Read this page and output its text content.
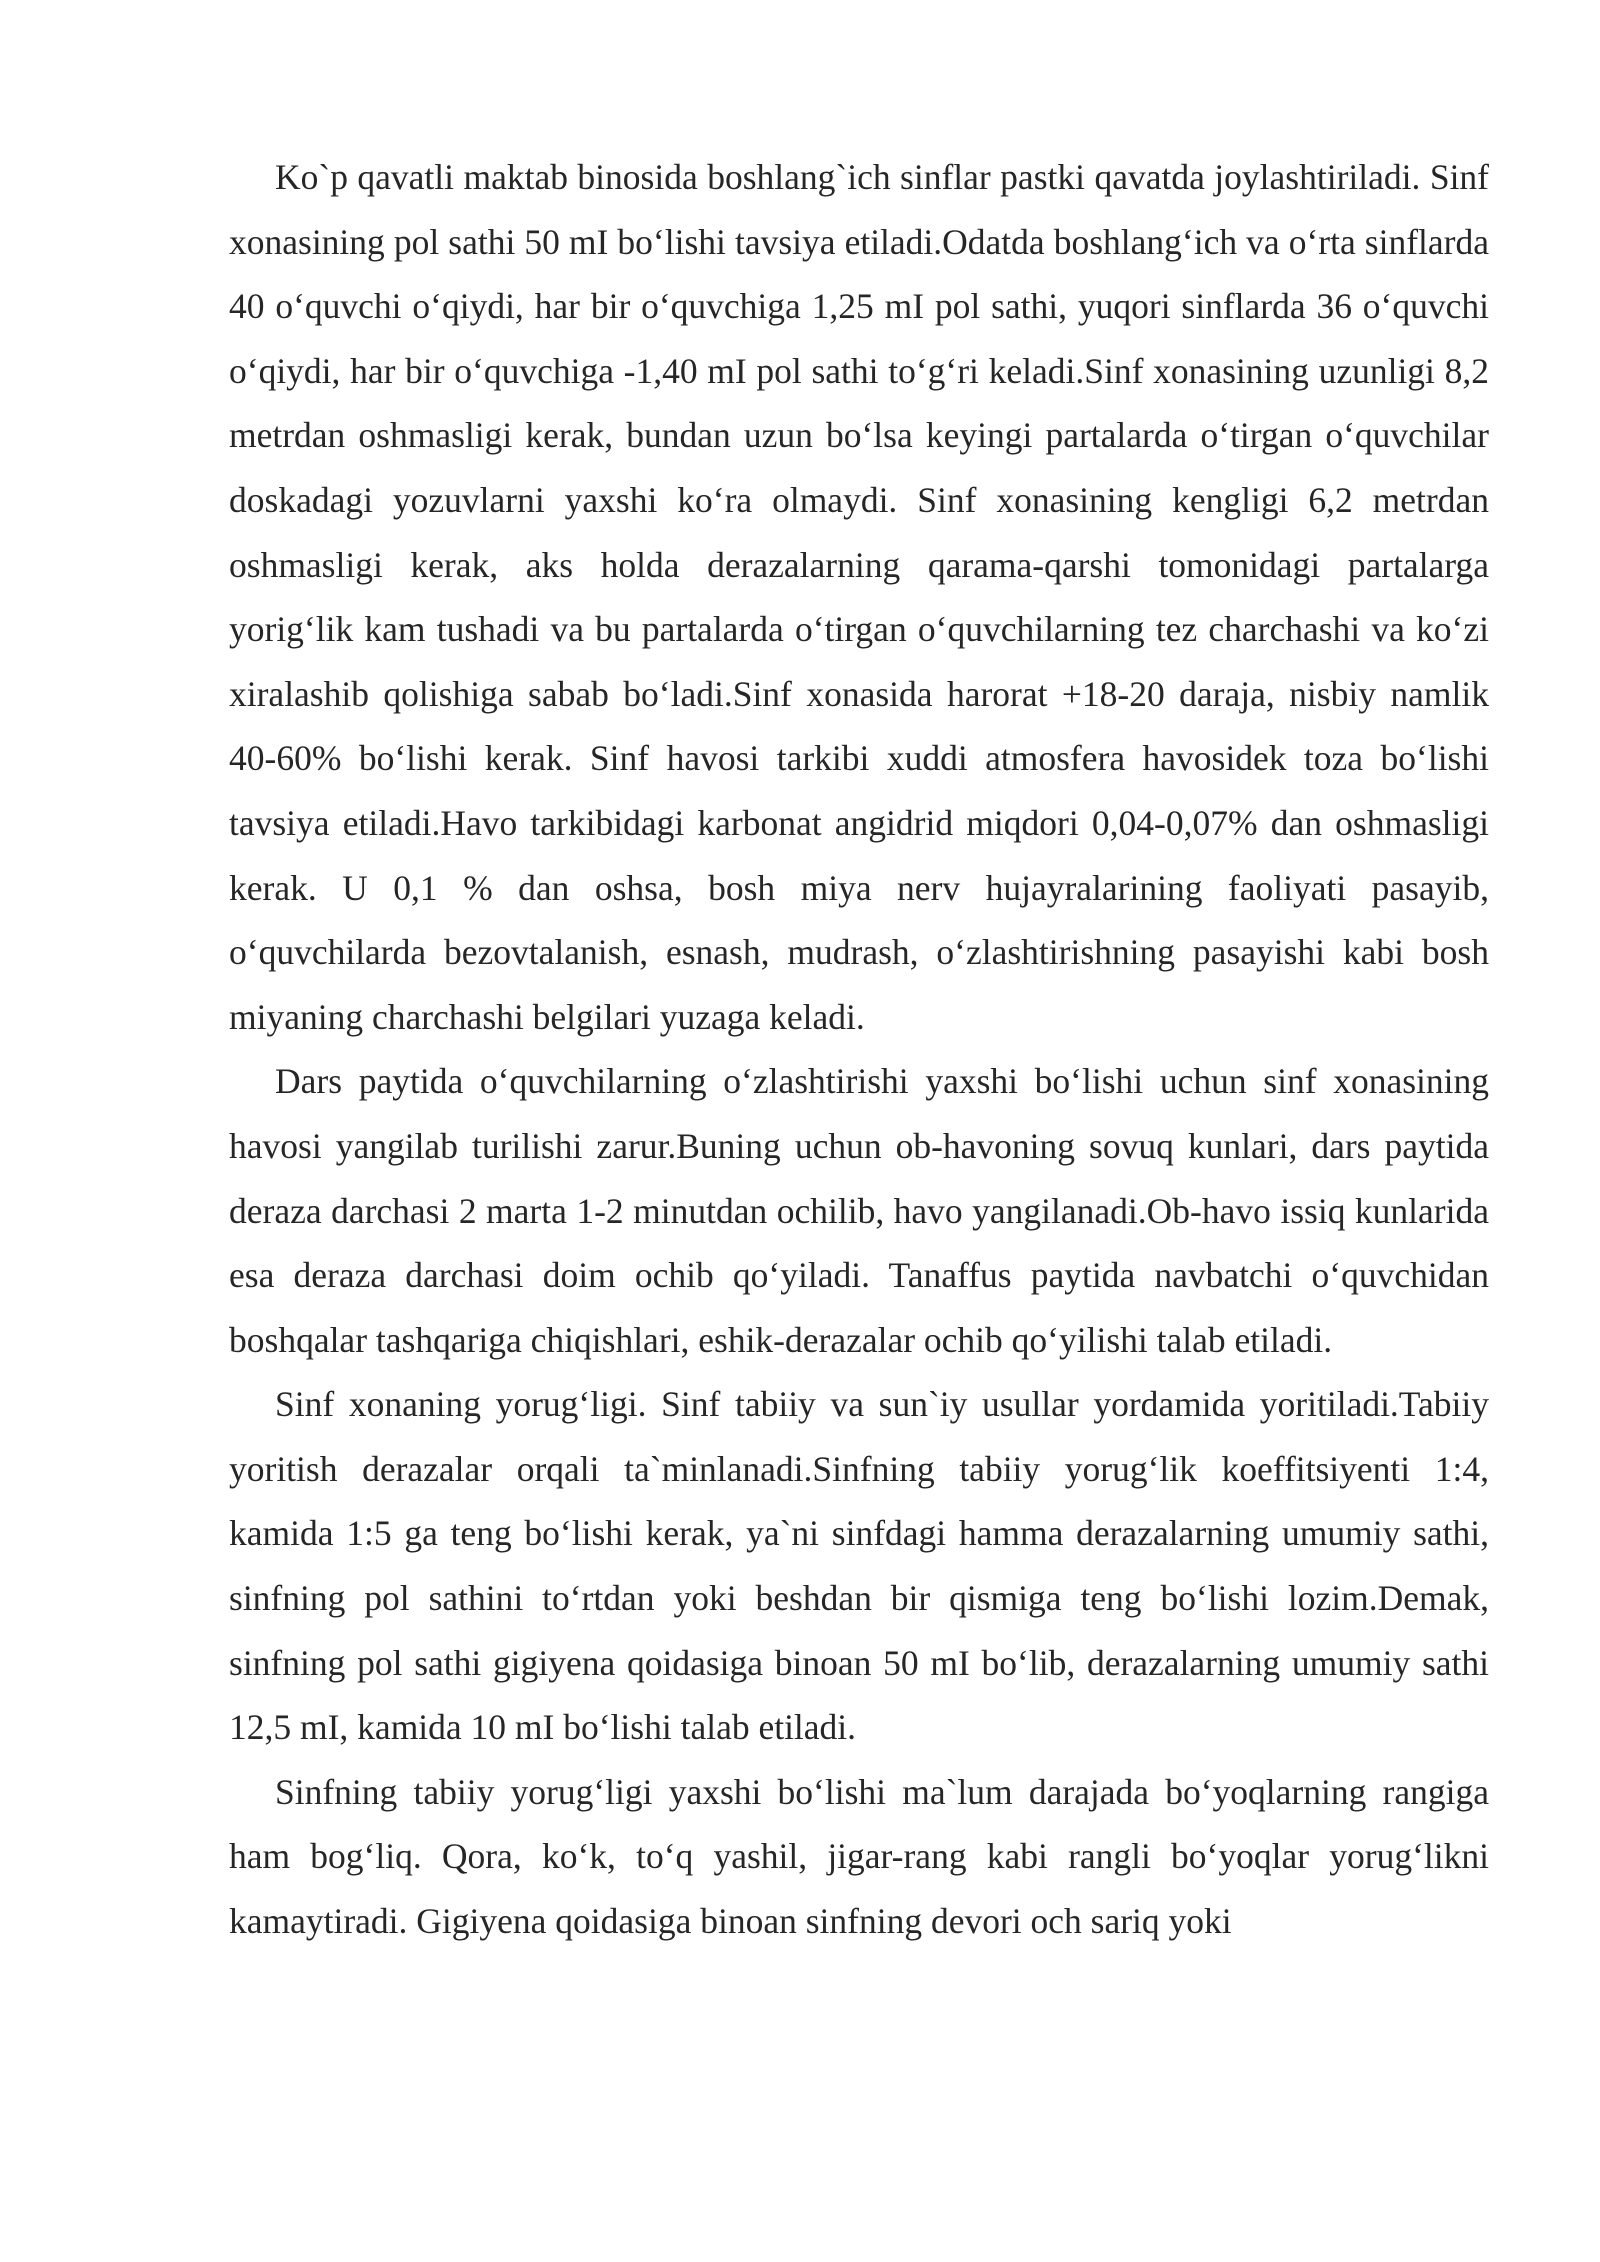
Ko`p qavatli maktab binosida boshlang`ich sinflar pastki qavatda joylashtiriladi. Sinf xonasining pol sathi 50 mI bo‘lishi tavsiya etiladi.Odatda boshlang‘ich va o‘rta sinflarda 40 o‘quvchi o‘qiydi, har bir o‘quvchiga 1,25 mI pol sathi, yuqori sinflarda 36 o‘quvchi o‘qiydi, har bir o‘quvchiga -1,40 mI pol sathi to‘g‘ri keladi.Sinf xonasining uzunligi 8,2 metrdan oshmasligi kerak, bundan uzun bo‘lsa keyingi partalarda o‘tirgan o‘quvchilar doskadagi yozuvlarni yaxshi ko‘ra olmaydi. Sinf xonasining kengligi 6,2 metrdan oshmasligi kerak, aks holda derazalarning qarama-qarshi tomonidagi partalarga yorig‘lik kam tushadi va bu partalarda o‘tirgan o‘quvchilarning tez charchashi va ko‘zi xiralashib qolishiga sabab bo‘ladi.Sinf xonasida harorat +18-20 daraja, nisbiy namlik 40-60% bo‘lishi kerak. Sinf havosi tarkibi xuddi atmosfera havosidek toza bo‘lishi tavsiya etiladi.Havo tarkibidagi karbonat angidrid miqdori 0,04-0,07% dan oshmasligi kerak. U 0,1 % dan oshsa, bosh miya nerv hujayralarining faoliyati pasayib, o‘quvchilarda bezovtalanish, esnash, mudrash, o‘zlashtirishning pasayishi kabi bosh miyaning charchashi belgilari yuzaga keladi.

Dars paytida o‘quvchilarning o‘zlashtirishi yaxshi bo‘lishi uchun sinf xonasining havosi yangilab turilishi zarur.Buning uchun ob-havoning sovuq kunlari, dars paytida deraza darchasi 2 marta 1-2 minutdan ochilib, havo yangilanadi.Ob-havo issiq kunlarida esa deraza darchasi doim ochib qo‘yiladi. Tanaffus paytida navbatchi o‘quvchidan boshqalar tashqariga chiqishlari, eshik-derazalar ochib qo‘yilishi talab etiladi.

Sinf xonaning yorug‘ligi. Sinf tabiiy va sun`iy usullar yordamida yoritiladi.Tabiiy yoritish derazalar orqali ta`minlanadi.Sinfning tabiiy yorug‘lik koeffitsiyenti 1:4, kamida 1:5 ga teng bo‘lishi kerak, ya`ni sinfdagi hamma derazalarning umumiy sathi, sinfning pol sathini to‘rtdan yoki beshdan bir qismiga teng bo‘lishi lozim.Demak, sinfning pol sathi gigiyena qoidasiga binoan 50 mI bo‘lib, derazalarning umumiy sathi 12,5 mI, kamida 10 mI bo‘lishi talab etiladi.

Sinfning tabiiy yorug‘ligi yaxshi bo‘lishi ma`lum darajada bo‘yoqlarning rangiga ham bog‘liq. Qora, ko‘k, to‘q yashil, jigar-rang kabi rangli bo‘yoqlar yorug‘likni kamaytiradi. Gigiyena qoidasiga binoan sinfning devori och sariq yoki
